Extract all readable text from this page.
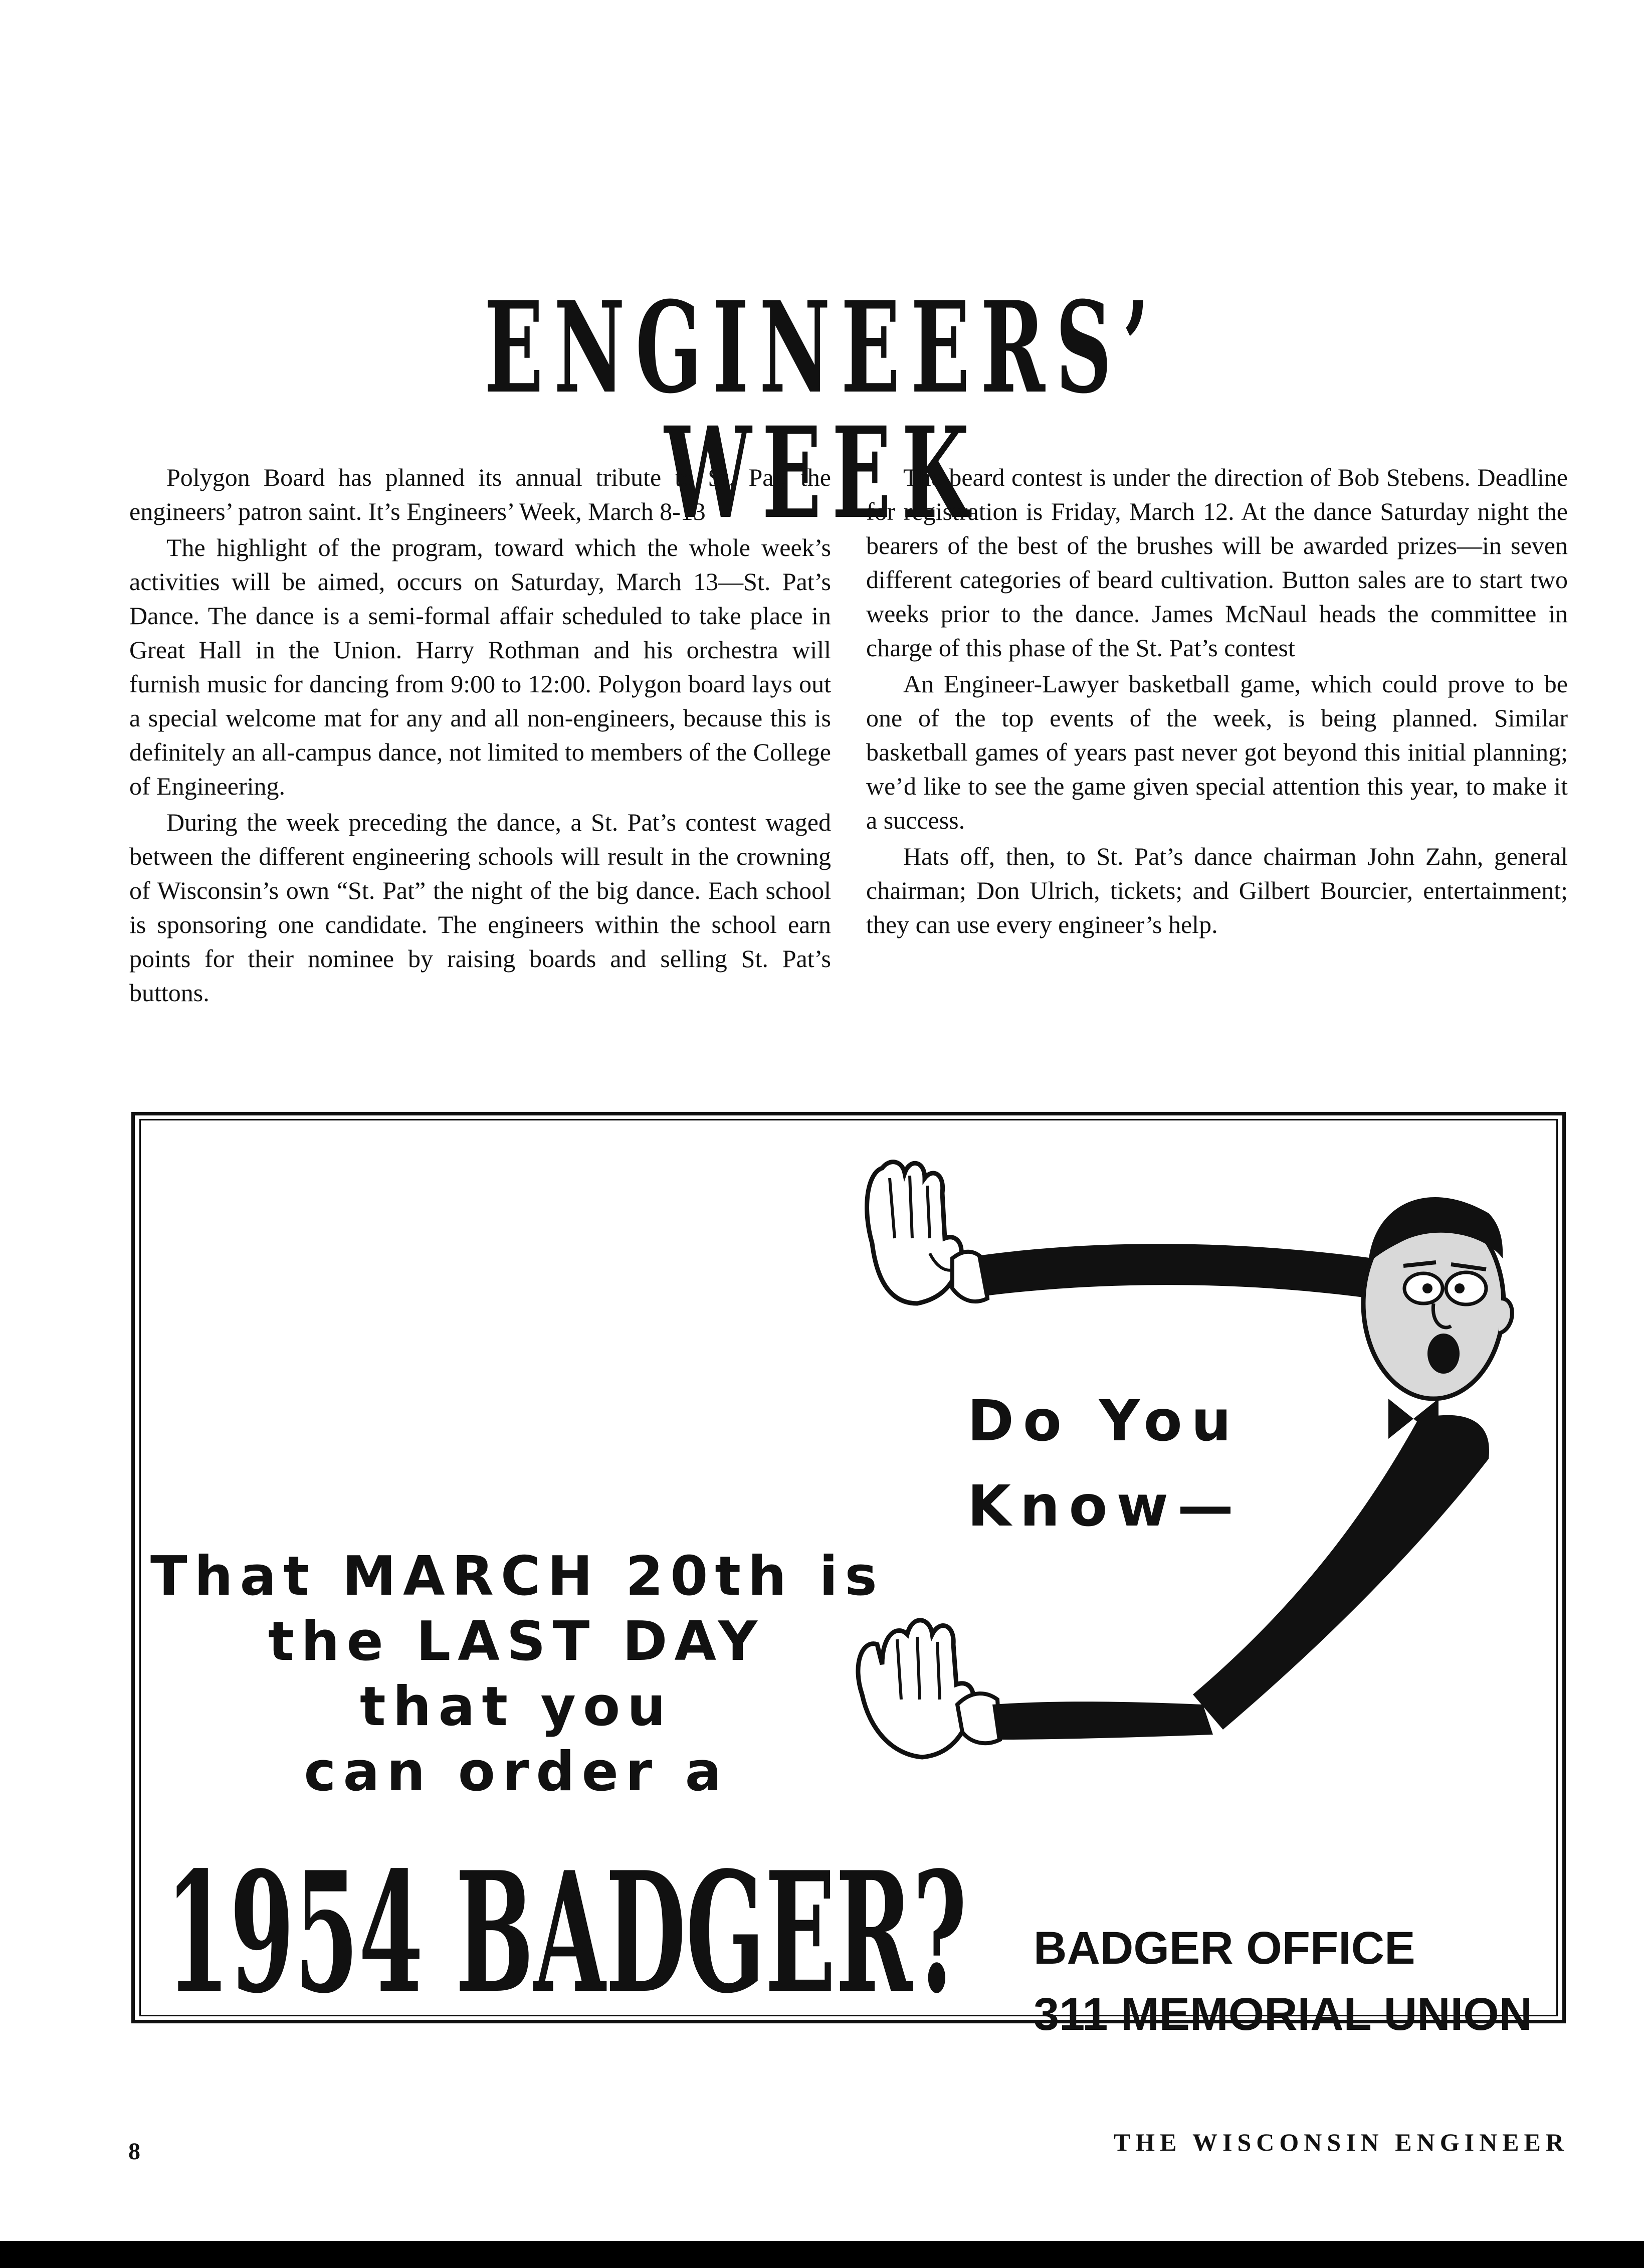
ENGINEERS’ WEEK

Polygon Board has planned its annual tribute to St. Pat, the engineers’ patron saint. It’s Engineers’ Week, March 8-13

The highlight of the program, toward which the whole week’s activities will be aimed, occurs on Saturday, March 13—St. Pat’s Dance. The dance is a semi-formal affair scheduled to take place in Great Hall in the Union. Harry Rothman and his orchestra will furnish music for dancing from 9:00 to 12:00. Polygon board lays out a special welcome mat for any and all non-engineers, because this is definitely an all-campus dance, not limited to members of the College of Engineering.

During the week preceding the dance, a St. Pat’s contest waged between the different engineering schools will result in the crowning of Wisconsin’s own “St. Pat” the night of the big dance. Each school is sponsoring one candidate. The engineers within the school earn points for their nominee by raising boards and selling St. Pat’s buttons.

The beard contest is under the direction of Bob Stebens. Deadline for registration is Friday, March 12. At the dance Saturday night the bearers of the best of the brushes will be awarded prizes—in seven different categories of beard cultivation. Button sales are to start two weeks prior to the dance. James McNaul heads the committee in charge of this phase of the St. Pat’s contest

An Engineer-Lawyer basketball game, which could prove to be one of the top events of the week, is being planned. Similar basketball games of years past never got beyond this initial planning; we’d like to see the game given special attention this year, to make it a success.

Hats off, then, to St. Pat’s dance chairman John Zahn, general chairman; Don Ulrich, tickets; and Gilbert Bourcier, entertainment; they can use every engineer’s help.

Do You
Know—
That MARCH 20th is
the LAST DAY
that you
can order a
1954 BADGER? BADGER OFFICE
311 MEMORIAL UNION
8	THE WISCONSIN ENGINEER
